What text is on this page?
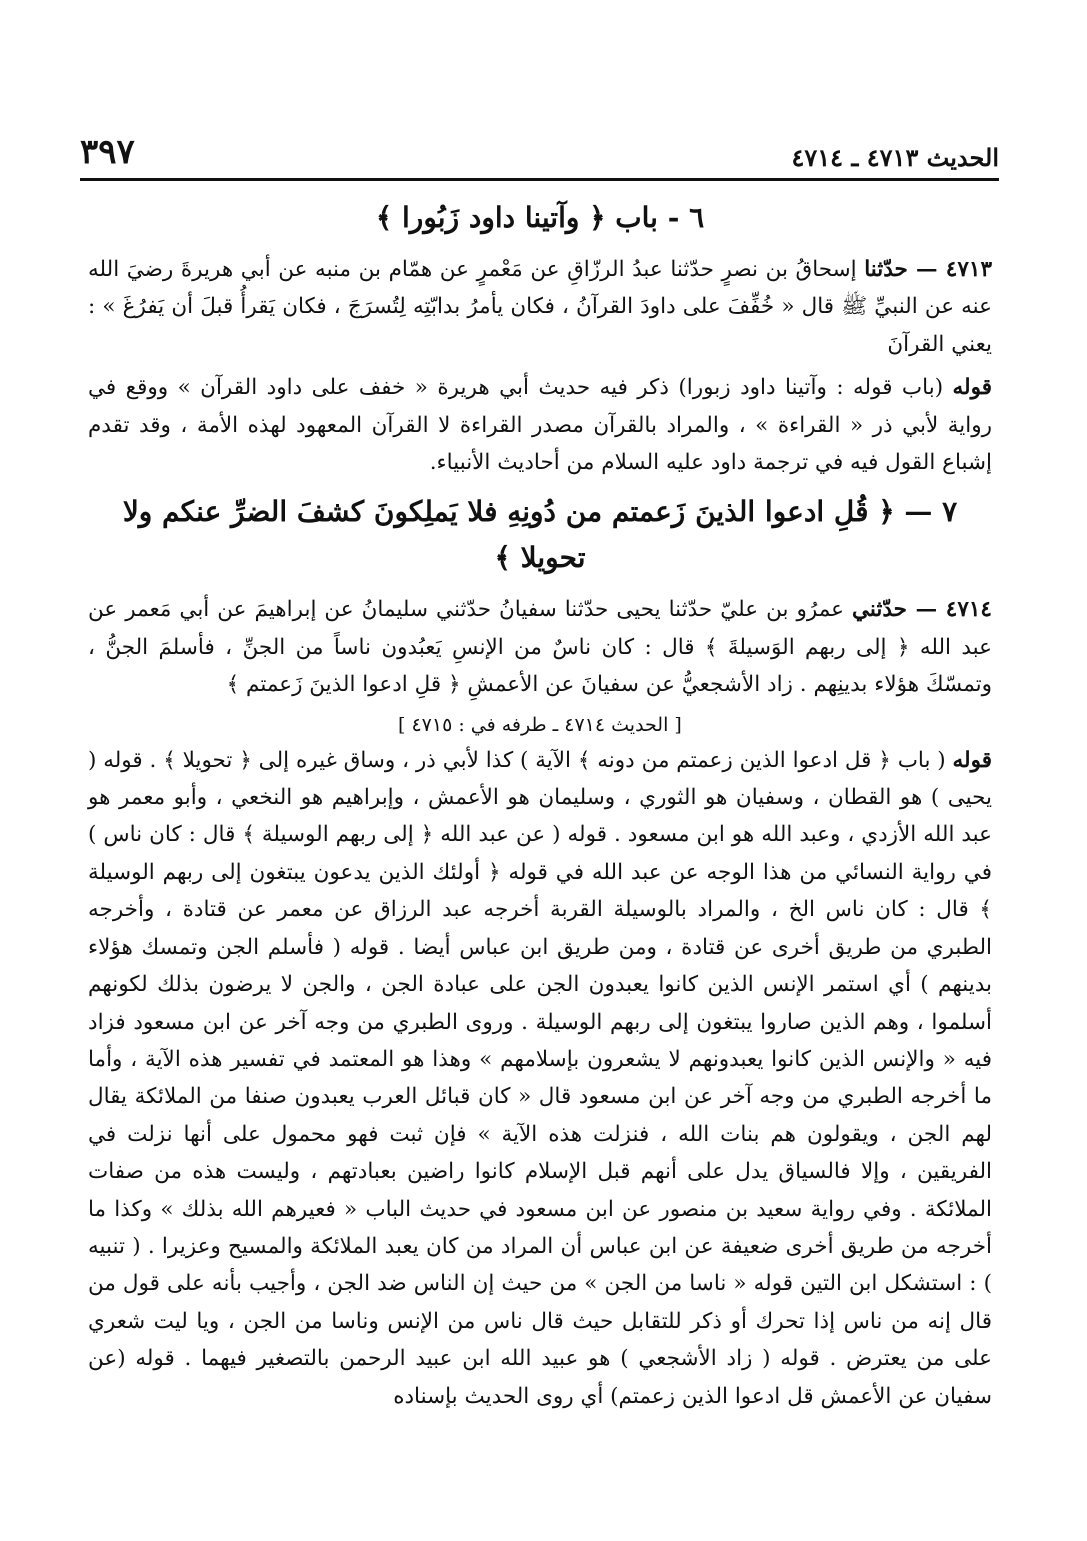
الحديث ٤٧١٣ ـ ٤٧١٤
٣٩٧
٦ - باب ﴿ وآتينا داود زَبُورا ﴾

٤٧١٣ — حدّثنا إسحاقُ بن نصرٍ حدّثنا عبدُ الرزّاقِ عن مَعْمرٍ عن همّام بن منبه عن أبي هريرةَ رضيَ الله عنه عن النبيِّ ﷺ قال « خُفِّفَ على داودَ القرآنُ ، فكان يأمرُ بدابّتِه لِتُسرَجَ ، فكان يَقرأُ قبلَ أن يَفرُغَ » : يعني القرآنَ

قوله (باب قوله : وآتينا داود زبورا) ذكر فيه حديث أبي هريرة « خفف على داود القرآن » ووقع في رواية لأبي ذر « القراءة » ، والمراد بالقرآن مصدر القراءة لا القرآن المعهود لهذه الأمة ، وقد تقدم إشباع القول فيه في ترجمة داود عليه السلام من أحاديث الأنبياء.

٧ — ﴿ قُلِ ادعوا الذينَ زَعمتم من دُونِهِ فلا يَملِكونَ كشفَ الضرِّ عنكم ولا تحويلا ﴾

٤٧١٤ — حدّثني عمرُو بن عليّ حدّثنا يحيى حدّثنا سفيانُ حدّثني سليمانُ عن إبراهيمَ عن أبي مَعمر عن عبد الله ﴿ إلى ربهم الوَسيلةَ ﴾ قال : كان ناسٌ من الإنسِ يَعبُدون ناساً من الجنِّ ، فأسلمَ الجنُّ ، وتمسّكَ هؤلاء بدينِهم . زاد الأشجعيُّ عن سفيانَ عن الأعمشِ ﴿ قلِ ادعوا الذينَ زَعمتم ﴾

[ الحديث ٤٧١٤ ـ طرفه في : ٤٧١٥ ]

قوله ( باب ﴿ قل ادعوا الذين زعمتم من دونه ﴾ الآية ) كذا لأبي ذر ، وساق غيره إلى ﴿ تحويلا ﴾ . قوله ( يحيى ) هو القطان ، وسفيان هو الثوري ، وسليمان هو الأعمش ، وإبراهيم هو النخعي ، وأبو معمر هو عبد الله الأزدي ، وعبد الله هو ابن مسعود . قوله ( عن عبد الله ﴿ إلى ربهم الوسيلة ﴾ قال : كان ناس ) في رواية النسائي من هذا الوجه عن عبد الله في قوله ﴿ أولئك الذين يدعون يبتغون إلى ربهم الوسيلة ﴾ قال : كان ناس الخ ، والمراد بالوسيلة القربة أخرجه عبد الرزاق عن معمر عن قتادة ، وأخرجه الطبري من طريق أخرى عن قتادة ، ومن طريق ابن عباس أيضا . قوله ( فأسلم الجن وتمسك هؤلاء بدينهم ) أي استمر الإنس الذين كانوا يعبدون الجن على عبادة الجن ، والجن لا يرضون بذلك لكونهم أسلموا ، وهم الذين صاروا يبتغون إلى ربهم الوسيلة . وروى الطبري من وجه آخر عن ابن مسعود فزاد فيه « والإنس الذين كانوا يعبدونهم لا يشعرون بإسلامهم » وهذا هو المعتمد في تفسير هذه الآية ، وأما ما أخرجه الطبري من وجه آخر عن ابن مسعود قال « كان قبائل العرب يعبدون صنفا من الملائكة يقال لهم الجن ، ويقولون هم بنات الله ، فنزلت هذه الآية » فإن ثبت فهو محمول على أنها نزلت في الفريقين ، وإلا فالسياق يدل على أنهم قبل الإسلام كانوا راضين بعبادتهم ، وليست هذه من صفات الملائكة . وفي رواية سعيد بن منصور عن ابن مسعود في حديث الباب « فعيرهم الله بذلك » وكذا ما أخرجه من طريق أخرى ضعيفة عن ابن عباس أن المراد من كان يعبد الملائكة والمسيح وعزيرا . ( تنبيه ) : استشكل ابن التين قوله « ناسا من الجن » من حيث إن الناس ضد الجن ، وأجيب بأنه على قول من قال إنه من ناس إذا تحرك أو ذكر للتقابل حيث قال ناس من الإنس وناسا من الجن ، ويا ليت شعري على من يعترض . قوله ( زاد الأشجعي ) هو عبيد الله ابن عبيد الرحمن بالتصغير فيهما . قوله (عن سفيان عن الأعمش قل ادعوا الذين زعمتم) أي روى الحديث بإسناده
